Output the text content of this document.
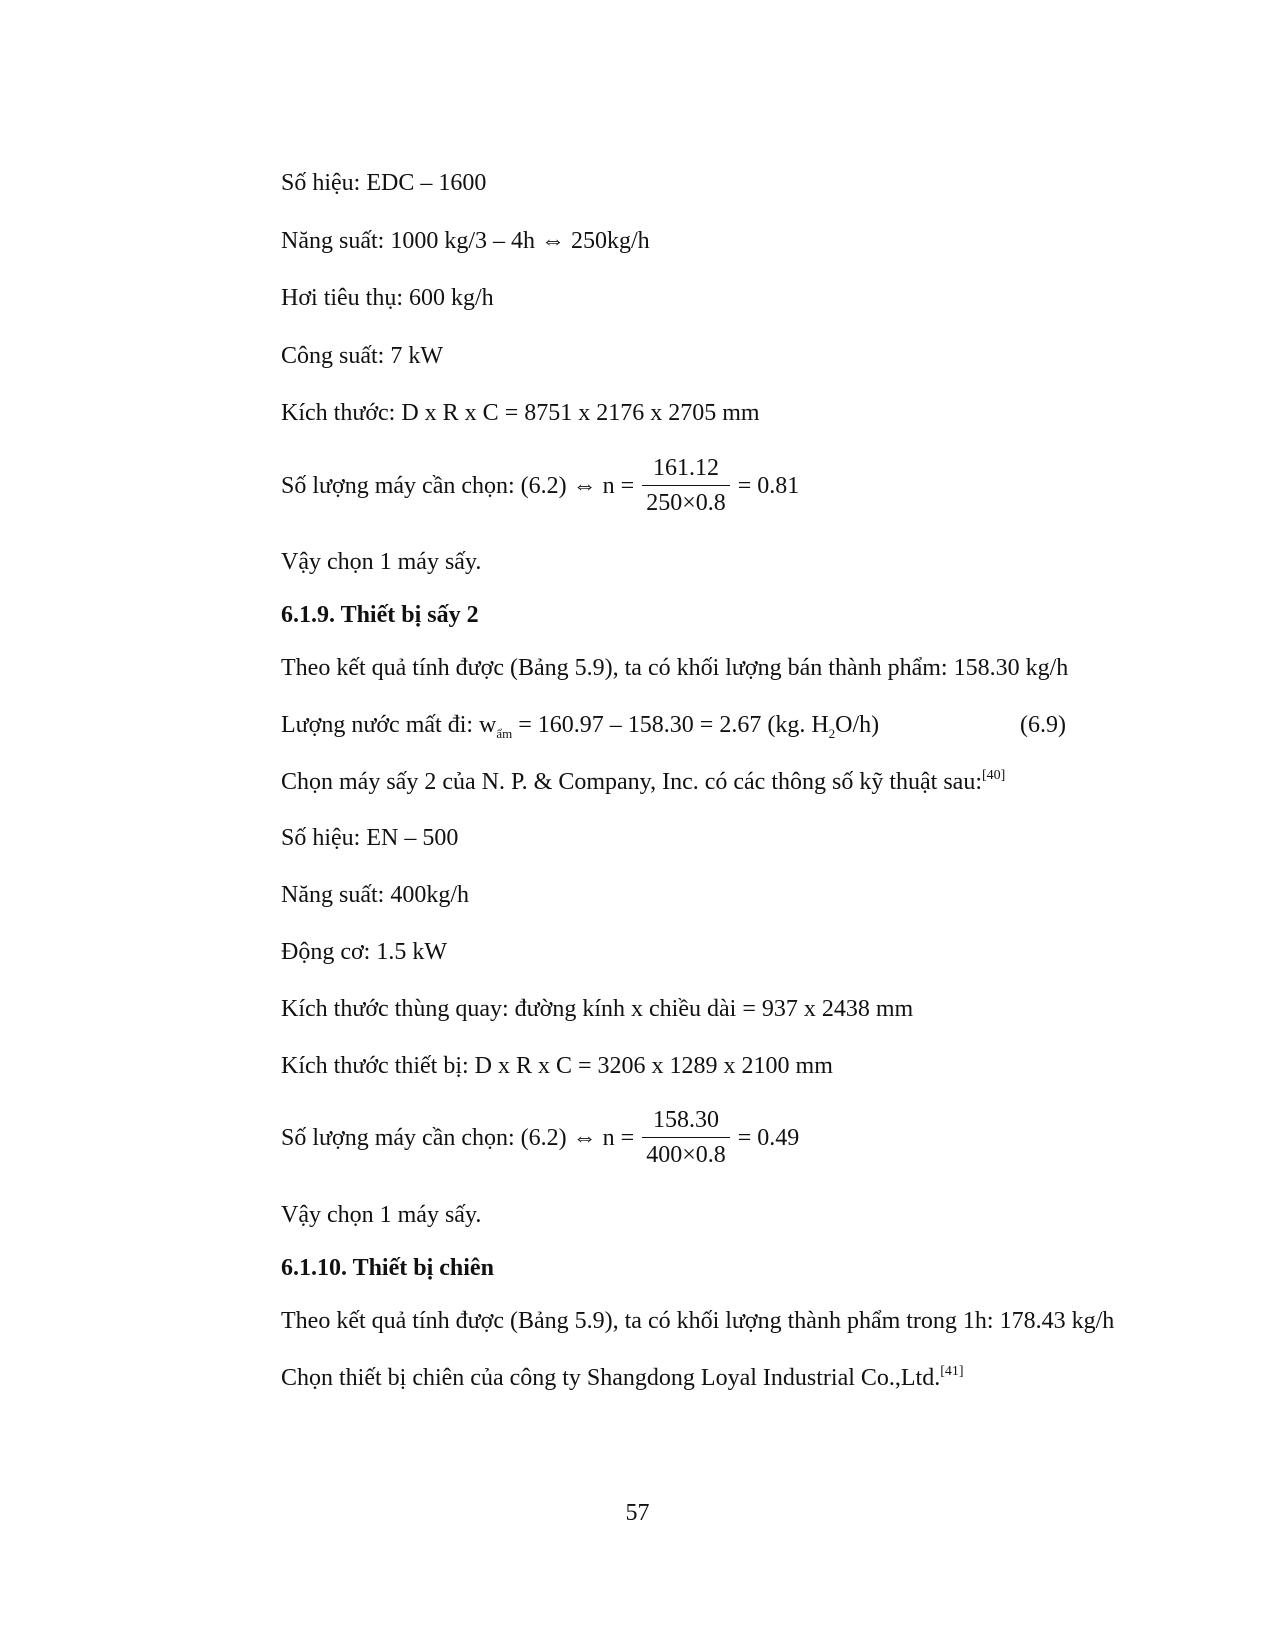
Số hiệu: EDC – 1600
Năng suất: 1000 kg/3 – 4h ⇔ 250kg/h
Hơi tiêu thụ: 600 kg/h
Công suất: 7 kW
Kích thước: D x R x C = 8751 x 2176 x 2705 mm
Số lượng máy cần chọn: (6.2) ⇔ $n = \frac{161.12}{250\times 0.8} = 0.81$
Vậy chọn 1 máy sấy.
6.1.9. Thiết bị sấy 2
Theo kết quả tính được (Bảng 5.9), ta có khối lượng bán thành phẩm: 158.30 kg/h
Lượng nước mất đi: $w_{ẩm} = 160.97 - 158.30 = 2.67$ (kg. $H_2O/h$)	(6.9)
Chọn máy sấy 2 của N. P. & Company, Inc. có các thông số kỹ thuật sau:[40]
Số hiệu: EN – 500
Năng suất: 400kg/h
Động cơ: 1.5 kW
Kích thước thùng quay: đường kính x chiều dài = 937 x 2438 mm
Kích thước thiết bị: D x R x C = 3206 x 1289 x 2100 mm
Số lượng máy cần chọn: (6.2) ⇔ $n = \frac{158.30}{400\times 0.8} = 0.49$
Vậy chọn 1 máy sấy.
6.1.10. Thiết bị chiên
Theo kết quả tính được (Bảng 5.9), ta có khối lượng thành phẩm trong 1h: 178.43 kg/h
Chọn thiết bị chiên của công ty Shangdong Loyal Industrial Co.,Ltd.[41]
57
